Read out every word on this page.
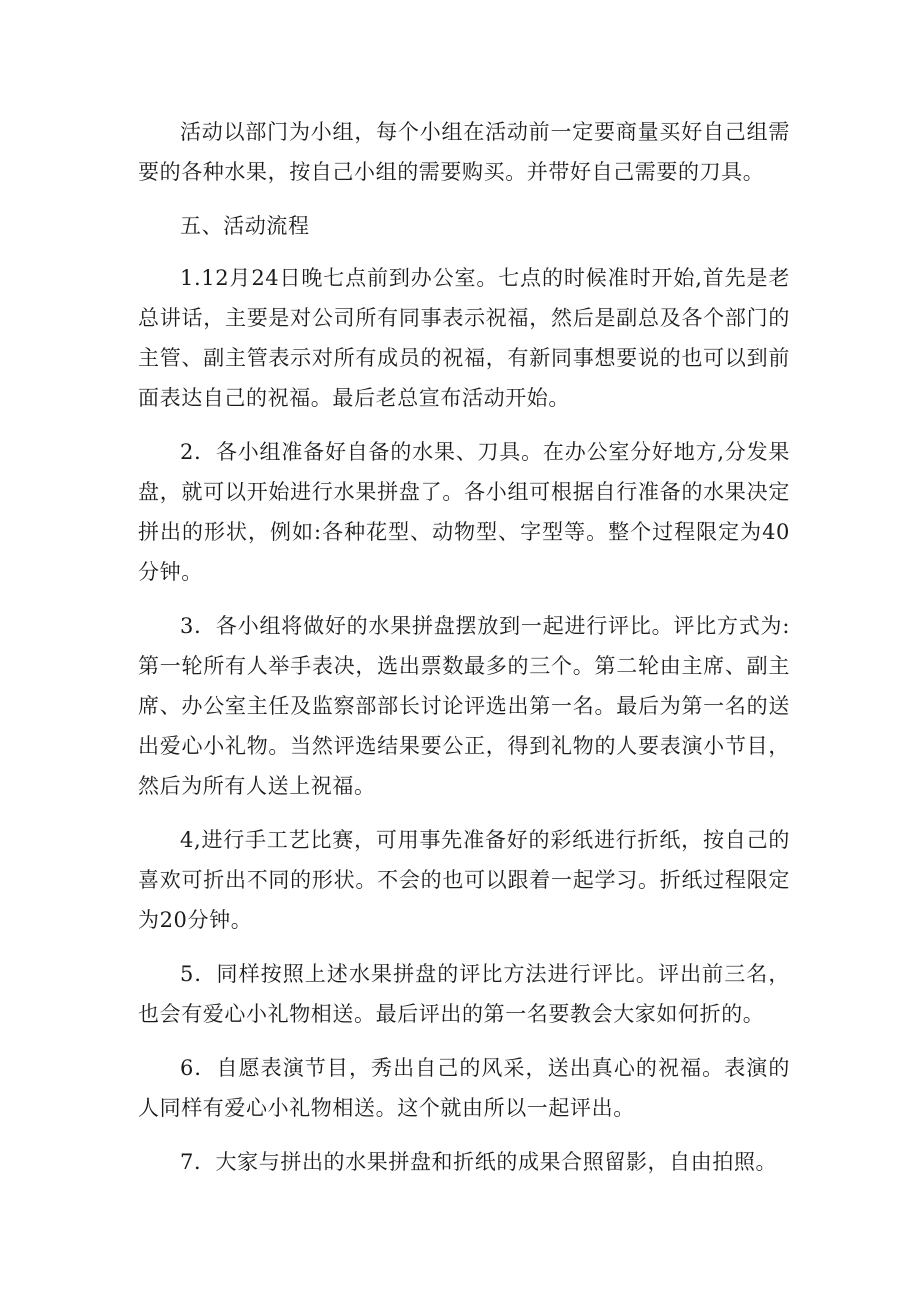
活动以部门为小组，每个小组在活动前一定要商量买好自己组需要的各种水果，按自己小组的需要购买。并带好自己需要的刀具。

五、活动流程

1.12月24日晚七点前到办公室。七点的时候准时开始,首先是老总讲话，主要是对公司所有同事表示祝福，然后是副总及各个部门的主管、副主管表示对所有成员的祝福，有新同事想要说的也可以到前面表达自己的祝福。最后老总宣布活动开始。

2．各小组准备好自备的水果、刀具。在办公室分好地方,分发果盘，就可以开始进行水果拼盘了。各小组可根据自行准备的水果决定拼出的形状，例如:各种花型、动物型、字型等。整个过程限定为40分钟。

3．各小组将做好的水果拼盘摆放到一起进行评比。评比方式为:第一轮所有人举手表决，选出票数最多的三个。第二轮由主席、副主席、办公室主任及监察部部长讨论评选出第一名。最后为第一名的送出爱心小礼物。当然评选结果要公正，得到礼物的人要表演小节目，然后为所有人送上祝福。

4,进行手工艺比赛，可用事先准备好的彩纸进行折纸，按自己的喜欢可折出不同的形状。不会的也可以跟着一起学习。折纸过程限定为20分钟。

5．同样按照上述水果拼盘的评比方法进行评比。评出前三名，也会有爱心小礼物相送。最后评出的第一名要教会大家如何折的。

6．自愿表演节目，秀出自己的风采，送出真心的祝福。表演的人同样有爱心小礼物相送。这个就由所以一起评出。

7．大家与拼出的水果拼盘和折纸的成果合照留影，自由拍照。
